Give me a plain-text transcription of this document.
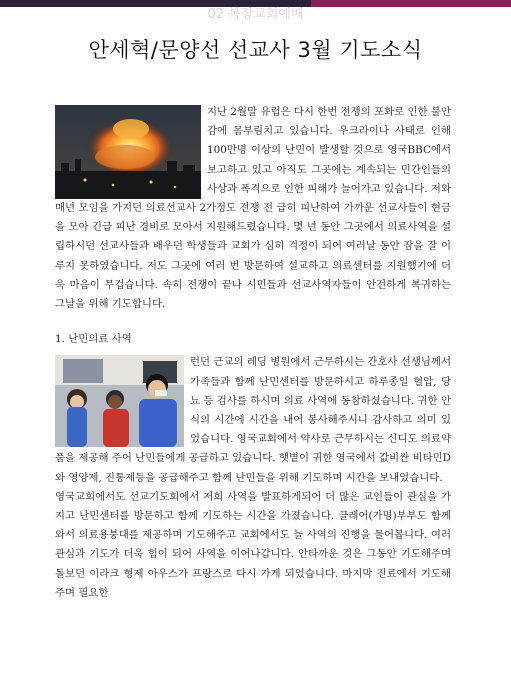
02 복장교회예배
안세혁/문양선 선교사 3월 기도소식

지난 2월말 유럽은 다시 한번 전쟁의 포화로 인한 불안감에 몸부림치고 있습니다. 우크라이나 사태로 인해 100만명 이상의 난민이 발생할 것으로 영국BBC에서 보고하고 있고 아직도 그곳에는 계속되는 민간인들의 사상과 폭격으로 인한 피해가 늘어가고 있습니다. 저와 매년 모임을 가지던 의료선교사 2가정도 전쟁 전 급히 피난하여 가까운 선교사들이 현금을 모아 긴급 피난 경비로 모아서 지원해드렸습니다. 몇 년 동안 그곳에서 의료사역을 설립하시던 선교사들과 배우던 학생들과 교회가 심히 걱정이 되어 여러날 동안 잠을 잘 이루지 못하였습니다. 저도 그곳에 여러 번 방문하여 설교하고 의료센터를 지원했기에 더욱 마음이 무겁습니다. 속히 전쟁이 끝나 시민들과 선교사역자들이 안전하게 복귀하는 그날을 위해 기도합니다.

1. 난민의료 사역

런던 근교의 레딩 병원에서 근무하시는 간호사 선생님께서 가족들과 함께 난민센터를 방문하시고 하루종일 혈압, 당뇨 등 검사를 하시며 의료 사역에 동참하셨습니다. 귀한 안식의 시간에 시간을 내어 봉사해주시니 감사하고 의미 있었습니다. 영국교회에서 약사로 근무하시는 신디도 의료약품을 제공해 주어 난민들에게 공급하고 있습니다. 햇볕이 귀한 영국에서 값비싼 비타민D와 영양제, 진통제등을 공급해주고 함께 난민들을 위해 기도하며 시간을 보내었습니다.

영국교회에서도 선교기도회에서 저희 사역을 발표하게되어 더 많은 교인들이 관심을 가지고 난민센터를 방문하고 함께 기도하는 시간을 가졌습니다. 클레어(가명)부부도 함께 와서 의료용붕대를 제공하며 기도해주고 교회에서도 늘 사역의 진행을 물어봅니다. 여러 관심과 기도가 더욱 힘이 되어 사역을 이어나갑니다. 안타까운 것은 그동안 기도해주며 돌보던 이라크 형제 아우스가 프랑스로 다시 가게 되었습니다. 마지막 진료에서 기도해주며 필요한
